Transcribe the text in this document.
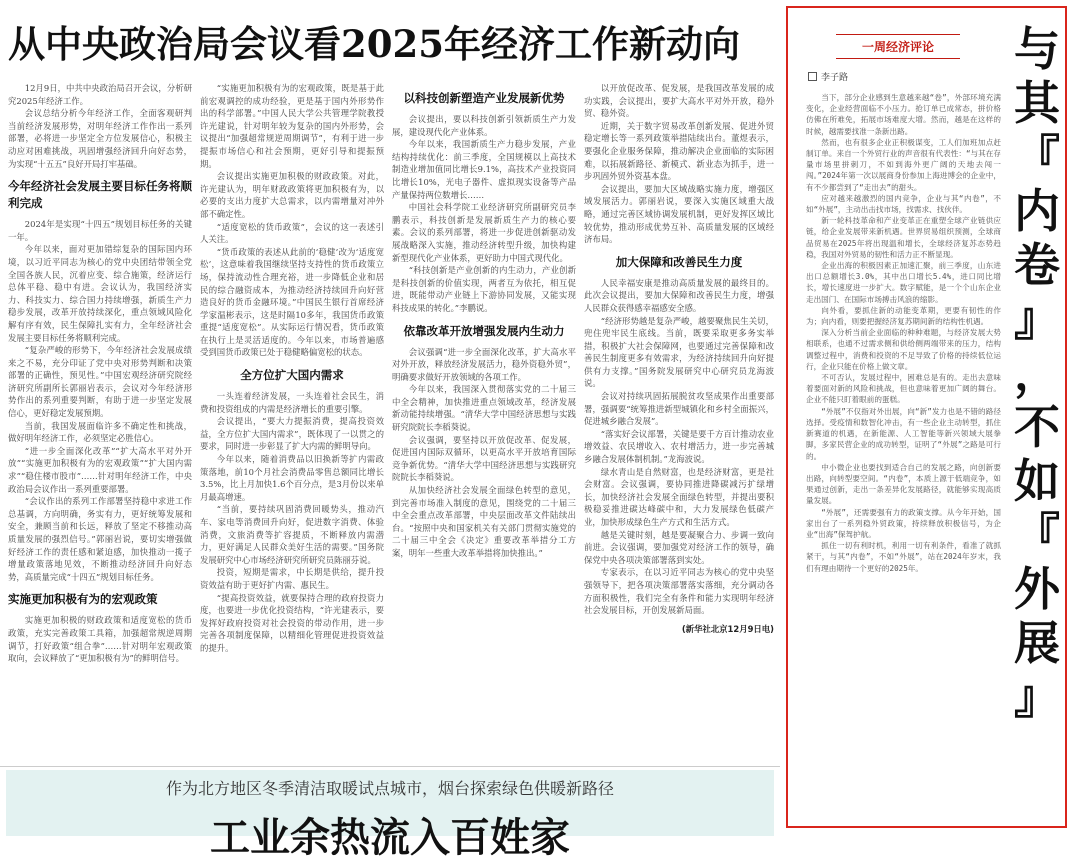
从中央政治局会议看2025年经济工作新动向

12月9日，中共中央政治局召开会议，分析研究2025年经济工作。

会议总结分析今年经济工作，全面客观研判当前经济发展形势，对明年经济工作作出一系列部署，必将进一步坚定全方位发展信心，积极主动应对困难挑战，巩固增强经济回升向好态势，为实现“十五五”良好开局打牢基础。

今年经济社会发展主要目标任务将顺利完成

2024年是实现“十四五”规划目标任务的关键一年。

今年以来，面对更加错综复杂的国际国内环境，以习近平同志为核心的党中央团结带领全党全国各族人民，沉着应变、综合施策，经济运行总体平稳、稳中有进。会议认为，我国经济实力、科技实力、综合国力持续增强，新质生产力稳步发展，改革开放持续深化，重点领域风险化解有序有效，民生保障扎实有力，全年经济社会发展主要目标任务将顺利完成。

“复杂严峻的形势下，今年经济社会发展成绩来之不易，充分印证了党中央对形势判断和决策部署的正确性，预见性。”中国宏观经济研究院经济研究所副所长郭丽岩表示，会议对今年经济形势作出的系列重要判断，有助于进一步坚定发展信心，更好稳定发展预期。

当前，我国发展面临许多不确定性和挑战，做好明年经济工作，必须坚定必胜信心。

“进一步全面深化改革”“扩大高水平对外开放”“实施更加积极有为的宏观政策”“扩大国内需求”“稳住楼市股市”……针对明年经济工作，中央政治局会议作出一系列重要部署。

“会议作出的系列工作部署坚持稳中求进工作总基调，方向明确，务实有力，更好统筹发展和安全，兼顾当前和长远，释放了坚定不移推动高质量发展的强烈信号。”郭丽岩说，要切实增强做好经济工作的责任感和紧迫感，加快推动一揽子增量政策落地见效，不断推动经济回升向好态势，高质量完成“十四五”规划目标任务。

实施更加积极有为的宏观政策

实施更加积极的财政政策和适度宽松的货币政策，充实完善政策工具箱，加强超常规逆周期调节，打好政策“组合拳”……针对明年宏观政策取向，会议释放了“更加积极有为”的鲜明信号。

“实施更加积极有为的宏观政策，既是基于此前宏观调控的成功经验，更是基于国内外形势作出的科学部署。”中国人民大学公共管理学院教授许光建说，针对明年较为复杂的国内外形势，会议提出“加强超常规逆周期调节”，有利于进一步提振市场信心和社会预期，更好引导和提振预期。

会议提出实施更加积极的财政政策。对此，许光建认为，明年财政政策将更加积极有为，以必要的支出力度扩大总需求，以内需增量对冲外部不确定性。

“适度宽松的货币政策”，会议的这一表述引人关注。

“货币政策的表述从此前的‘稳健’改为‘适度宽松’，这意味着我国继续坚持支持性的货币政策立场，保持流动性合理充裕，进一步降低企业和居民的综合融资成本，为推动经济持续回升向好营造良好的货币金融环境。”中国民生银行首席经济学家温彬表示，这是时隔10多年，我国货币政策重提“适度宽松”。从实际运行情况看，货币政策在执行上是灵活适度的。今年以来，市场普遍感受到国货币政策已处于稳健略偏宽松的状态。

全方位扩大国内需求

一头连着经济发展，一头连着社会民生，消费和投资组成的内需是经济增长的重要引擎。

会议提出，“要大力提振消费，提高投资效益，全方位扩大国内需求”，既体现了一以贯之的要求，同时进一步彰显了扩大内需的鲜明导向。

今年以来，随着消费品以旧换新等扩内需政策落地，前10个月社会消费品零售总额同比增长3.5%，比上月加快1.6个百分点，是3月份以来单月最高增速。

“当前，要持续巩固消费回暖势头，推动汽车、家电等消费回升向好，促进数字消费、体验消费，文旅消费等扩容提质，不断释放内需潜力，更好满足人民群众美好生活的需要。”国务院发展研究中心市场经济研究所研究员陈丽芬说。

投资，短期是需求，中长期是供给，提升投资效益有助于更好扩内需、惠民生。

“提高投资效益，就要保持合理的政府投资力度，也要进一步优化投资结构，“许光建表示，要发挥好政府投资对社会投资的带动作用，进一步完善各项制度保障，以精细化管理促进投资效益的提升。

以科技创新塑造产业发展新优势

会议提出，要以科技创新引领新质生产力发展，建设现代化产业体系。

今年以来，我国新质生产力稳步发展，产业结构持续优化：前三季度，全国规模以上高技术制造业增加值同比增长9.1%，高技术产业投资同比增长10%，光电子器件、虚拟现实设备等产品产量保持两位数增长……

中国社会科学院工业经济研究所副研究员李鹏表示，科技创新是发展新质生产力的核心要素。会议的系列部署，将进一步促进创新驱动发展战略深入实施，推动经济转型升级，加快构建新型现代化产业体系，更好助力中国式现代化。

“科技创新是产业创新的内生动力，产业创新是科技创新的价值实现，两者互为依托，相互促进，既能带动产业链上下游协同发展，又能实现科技成果的转化。”李鹏说。

依靠改革开放增强发展内生动力

会议强调“进一步全面深化改革，扩大高水平对外开放，释放经济发展活力，稳外资稳外贸”，明确要求做好开放领域的各项工作。

今年以来，我国深入贯彻落实党的二十届三中全会精神，加快推进重点领域改革，经济发展新动能持续增强。“清华大学中国经济思想与实践研究院院长李稻葵说。

会议强调，要坚持以开放促改革、促发展，促进国内国际双循环，以更高水平开放培育国际竞争新优势。“清华大学中国经济思想与实践研究院院长李稻葵说。

从加快经济社会发展全面绿色转型的意见，到完善市场准入制度的意见，围绕党的二十届三中全会重点改革部署，中央层面改革文件陆续出台。“按照中央和国家机关有关部门贯彻实施党的二十届三中全会《决定》重要改革举措分工方案，明年一些重大改革举措将加快推出。”

以开放促改革、促发展，是我国改革发展的成功实践，会议提出，要扩大高水平对外开放，稳外贸、稳外资。

近期，关于数字贸易改革创新发展、促进外贸稳定增长等一系列政策举措陆续出台。董煜表示，要强化企业服务保障，推动解决企业面临的实际困难，以拓展新路径、新模式、新业态为抓手，进一步巩固外贸外资基本盘。

会议提出，要加大区域战略实施力度，增强区域发展活力。郭丽岩说，要深入实施区域重大战略，通过完善区域协调发展机制，更好发挥区域比较优势，推动形成优势互补、高质量发展的区域经济布局。

加大保障和改善民生力度

人民幸福安康是推动高质量发展的最终目的。此次会议提出，要加大保障和改善民生力度，增强人民群众获得感幸福感安全感。

“经济形势越是复杂严峻，越要聚焦民生关切，兜住兜牢民生底线。当前，既要采取更多务实举措，积极扩大社会保障网，也要通过完善保障和改善民生制度更多有效需求，为经济持续回升向好提供有力支撑。”国务院发展研究中心研究员龙海波说。

会议对持续巩固拓展脱贫攻坚成果作出重要部署，强调要“统筹推进新型城镇化和乡村全面振兴，促进城乡融合发展”。

“落实好会议部署，关键是要千方百计推动农业增效益、农民增收入、农村增活力，进一步完善城乡融合发展体制机制。”龙海波说。

绿水青山是自然财富，也是经济财富，更是社会财富。会议强调，要协同推进降碳减污扩绿增长，加快经济社会发展全面绿色转型，并提出要积极稳妥推进碳达峰碳中和，大力发展绿色低碳产业，加快形成绿色生产方式和生活方式。

越是关键时刻，越是要凝聚合力、步调一致向前进。会议强调，要加强党对经济工作的领导，确保党中央各项决策部署落到实处。

专家表示，在以习近平同志为核心的党中央坚强领导下，把各项决策部署落实落细，充分调动各方面积极性，我们完全有条件和能力实现明年经济社会发展目标，开创发展新局面。

(新华社北京12月9日电)
一周经济评论
李子路

当下，部分企业感到生意越来越“卷”，外部环境充满变化，企业经营面临不小压力。抢订单已成常态，拼价格仿佛在所难免，拓展市场难度大增。然而，越是在这样的时候，越需要找准一条新出路。

然而，也有很多企业正积极谋变，工人们加班加点赶制订单。来自一个外贸行业的声音很有代表性：“与其在存量市场里拼刺刀，不如到海外更广阔的天地去闯一闯。”2024年第一次以展商身份参加上海进博会的企业中，有不少都尝到了“走出去”的甜头。

应对越来越激烈的国内竞争，企业与其“内卷”，不如“外展”，主动出击找市场，找需求、找伙伴。

新一轮科技革命和产业变革正在重塑全球产业链供应链，给企业发展带来新机遇。世界贸易组织预测，全球商品贸易在2025年将出现温和增长，全球经济复苏态势趋稳，我国对外贸易的韧性和活力正不断显现。

企业出海的积极因素正加速汇聚，前三季度，山东进出口总额增长3.0%，其中出口增长5.4%，进口同比增长，增长速度进一步扩大。数字赋能，是一个个山东企业走出国门、在国际市场搏击风浪的缩影。

向外看，要抓住新的动能变革期，更要有韧性的作为；向内看，则要把握经济复苏期间新的结构性机遇。

深入分析当前企业面临的种种难题，与经济发展大势相联系，也通不过需求侧和供给侧两端带来的压力，结构调整过程中，消费和投资的不足导致了价格的持续低位运行，企业只能在价格上做文章。

不可否认，发展过程中，困难总是有的。走出去意味着要面对新的风险和挑战，但也意味着更加广阔的舞台。企业不能只盯着眼前的蛋糕。

“外展”不仅指对外出展，向“新”发力也是不错的路径选择。受疫情和数智化冲击，有一些企业主动转型，抓住新赛道的机遇，在新能源、人工智能等新兴领域大展拳脚，多家民营企业的成功转型，证明了“外展”之路是可行的。

中小微企业也要找到适合自己的发展之路，向创新要出路，向转型要空间。“内卷”，本质上源于低端竞争，如果通过创新，走出一条差异化发展路径，就能够实现高质量发展。

“外展”，还需要强有力的政策支撑。从今年开始，国家出台了一系列稳外贸政策，持续释放积极信号，为企业“出海”保驾护航。

抓住一切有利时机，利用一切有利条件，看准了就抓紧干，与其“内卷”，不如“外展”，站在2024年岁末，我们有理由期待一个更好的2025年。

与
其
『
内
卷
』
，
不
如
『
外
展
』
作为北方地区冬季清洁取暖试点城市，烟台探索绿色供暖新路径
工业余热流入百姓家
